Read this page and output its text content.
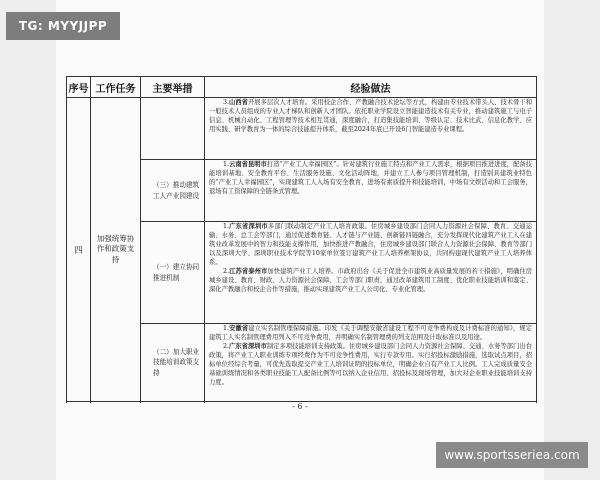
TG: MYYJJPP
序号	工作任务	主要举措	经验做法
四	加强统筹协作和政策支持		3.山西省开展多层次人才培育。采用校企合作、产教融合技术论坛等方式，构建由专业技术带头人、技术骨干和一般技术人员组成的专业人才梯队和创新人才团队。依托职业学院设立智能建造技术有关专业，推动建筑施工与电子信息、机械自动化、工程管理等技术相互贯通，深度融合，打造集技能培训、等级认定、技术比武、信息化教学、应用实践、研学教育为一体的综合技能提升体系，截至2024年底已开设6门智能建造专业课程。

		（三）推动建筑工人产业园建设	1.云南省昆明市打造“产业工人幸福园区”。针对建筑行业施工特点和产业工人需求，根据项目推进进度，配备技能培训基地、安全教育平台、生活服务设施、文化活动阵地，并建立工人参与项目管理机制，打造别具建筑业特色的“产业工人幸福园区”，实现建筑工人入场有安全教育，进场有素质提升和技能培训，中场有文娱活动和工会服务，退场有工资保障的全链条式管理。

		（一）建立协同推进机制	1.广东省深圳市多部门联动制定产业工人培育政策。住房城乡建设部门会同人力资源社会保障、教育、交通运输、水务、总工会等部门，通过促进教育链、人才链与产业链、创新链四链融合，充分发挥现代化建筑产业工人在建筑业改革发展中的智力和技能支撑作用，加快推进产教融合，住房城乡建设部门联合人力资源社会保障、教育等部门以及深圳大学、深圳职业技术学院等10家单位签订建筑产业工人培养框架协议，共同构建现代建筑产业工人培养体系。

2.江苏省泰州市加快建筑产业工人培养。市政府出台《关于促进全市建筑业高质量发展的若干措施》，明确住房城乡建设、教育、财政、人力资源社会保障、工会等部门职责，通过改革建筑用工制度、优化职业技能培训和鉴定、深化产教融合和校企合作等措施，推动实现建筑产业工人公司化、专业化管理。

		（二）加大职业技能培训政策支持	1.安徽省建立实名制管理保障措施。印发《关于调整安徽省建设工程不可竞争费构成及计费标准的通知》，规定建筑工人实名制管理费用列入不可竞争费用，并明确实名制管理费的列支范围及计取标准以及用途。

2.广东省深圳市制定多项技能培训支持政策。住房城乡建设部门会同人力资源社会保障、交通、水务等部门出台政策，将产业工人职业训练专项经费作为不可竞争性费用，实行专款专用。实行招投标激励措施，选取试点项目，招标单位经综合考量，可优先选取提交产业工人培训证明的投标单位，明确企业自有产业工人比例。工人完成质量安全基础训练情况和各类职业技能工人配备比例等可以纳入企业信用、招投标及现场管理，加大对企业职业技能培训支持力度。

- 6 -
www.sportsseriea.com
